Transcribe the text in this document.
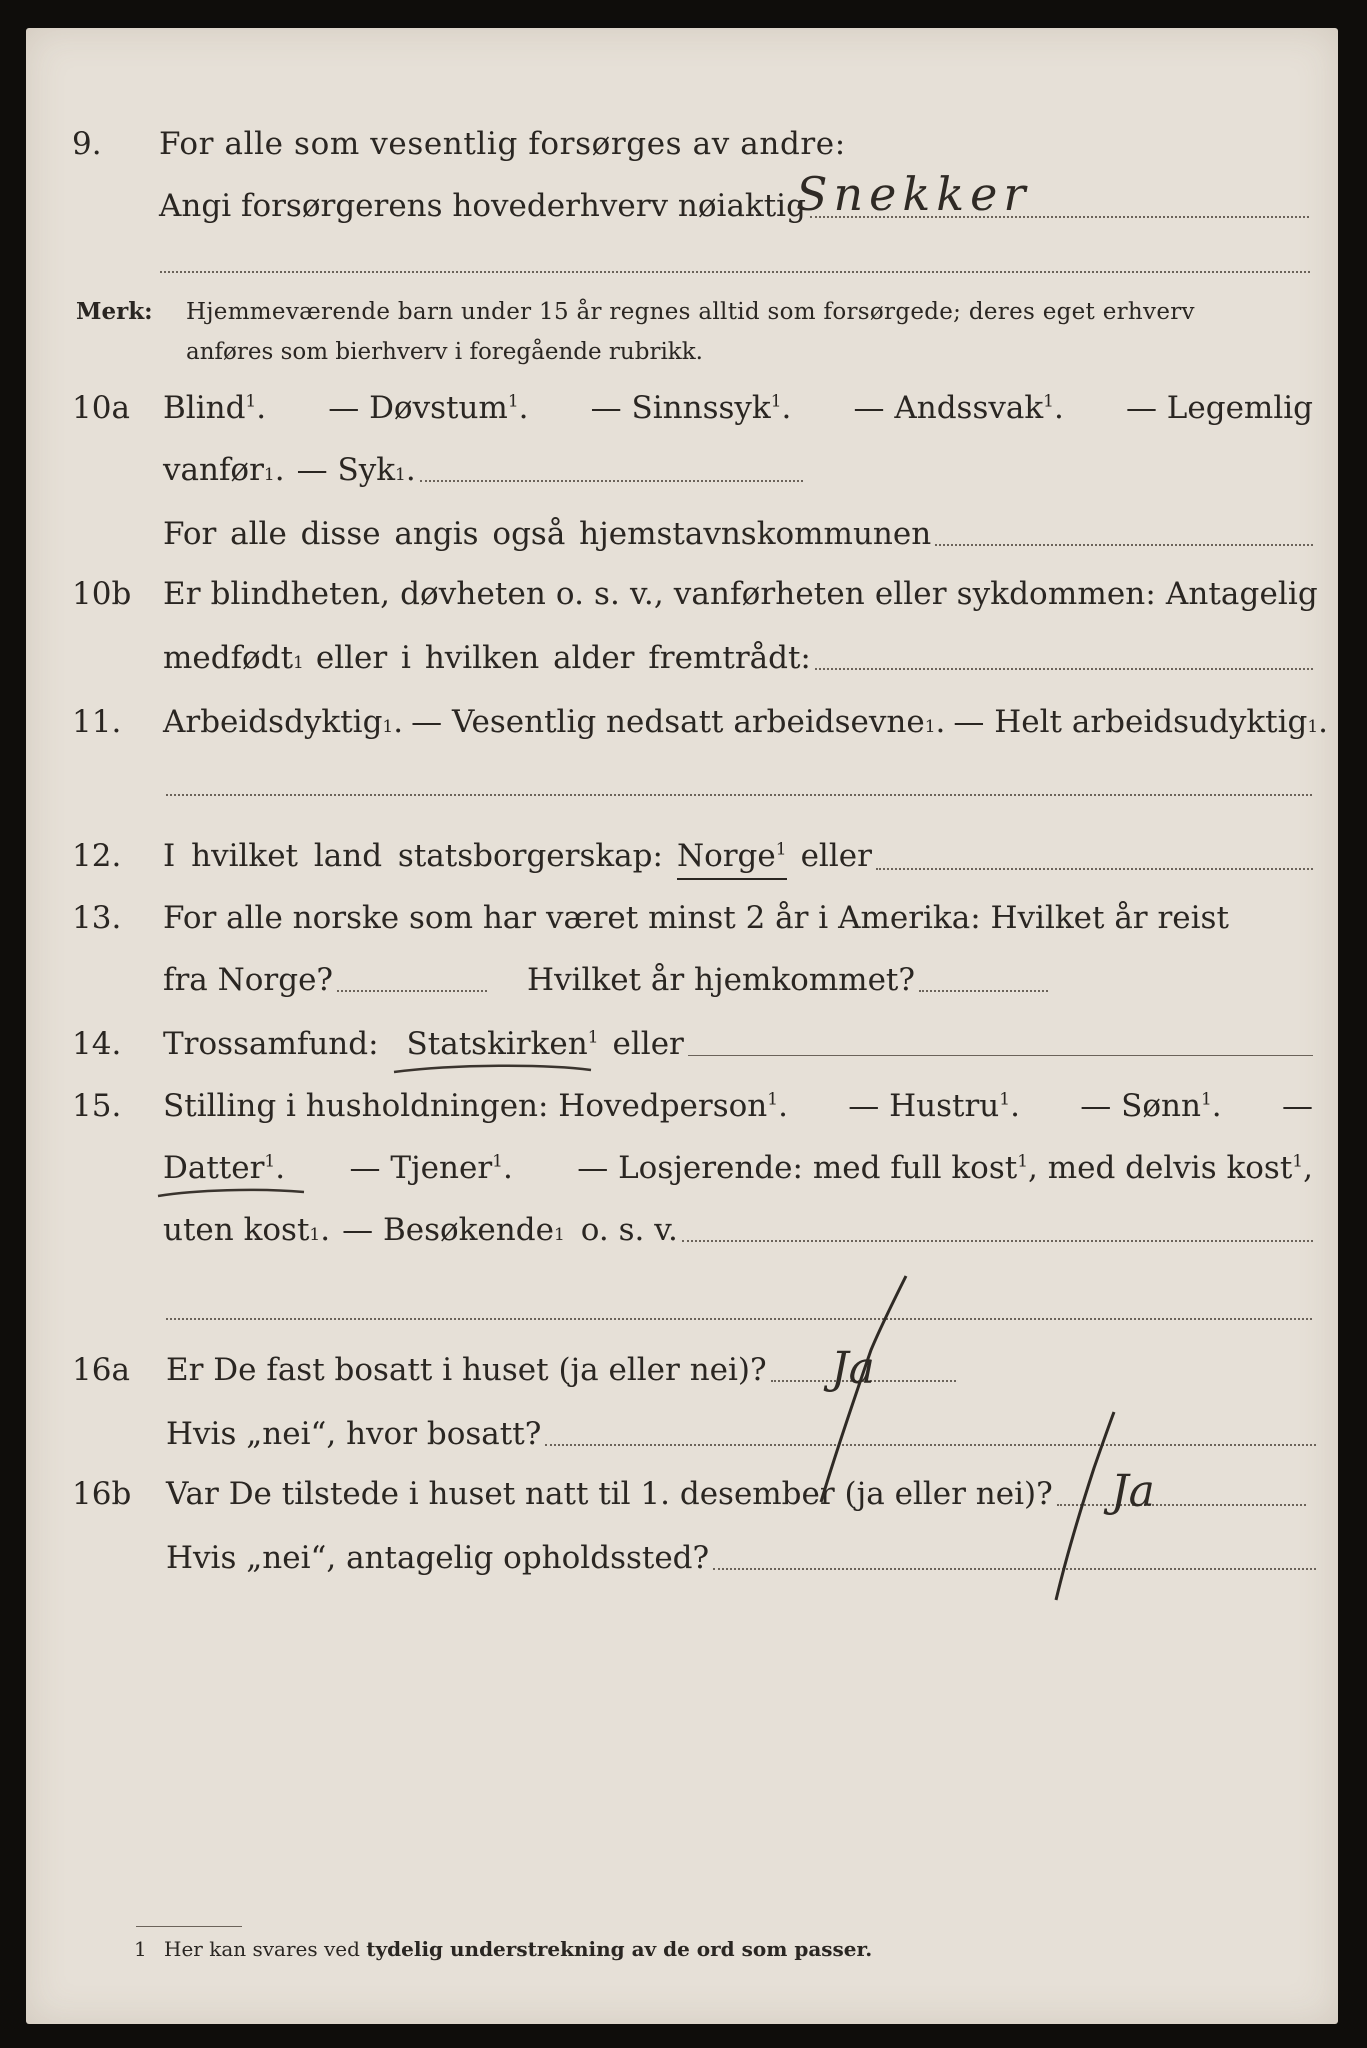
9. For alle som vesentlig forsørges av andre:
Angi forsørgerens hovederhverv nøiaktig
Merk: Hjemmeværende barn under 15 år regnes alltid som forsørgede; deres eget erhverv
anføres som bierhverv i foregående rubrikk.
10a Blind$^1$. — Døvstum$^1$. — Sinnssyk$^1$. — Andssvak$^1$. — Legemlig
vanfør 1 . — Syk 1 .
For alle disse angis også hjemstavnskommunen
10b Er blindheten, døvheten o. s. v., vanførheten eller sykdommen: Antagelig
medfødt 1 eller i hvilken alder fremtrådt:
11. Arbeidsdyktig 1 . — Vesentlig nedsatt arbeidsevne 1 . — Helt arbeidsudyktig 1 .
12. I hvilket land statsborgerskap: Norge$^1$ eller
13. For alle norske som har været minst 2 år i Amerika: Hvilket år reist
fra Norge?	Hvilket år hjemkommet?
14. Trossamfund: Statskirken$^1$ eller
15. Stilling i husholdningen: Hovedperson$^1$. — Hustru$^1$. — Sønn$^1$. —
Datter$^1$. — Tjener$^1$. — Losjerende: med full kost$^1$, med delvis kost$^1$,
uten kost 1 . — Besøkende 1 o. s. v.
16a Er De fast bosatt i huset (ja eller nei)?
Hvis „nei“, hvor bosatt?
16b Var De tilstede i huset natt til 1. desember (ja eller nei)?
Hvis „nei“, antagelig opholdssted?
1 Her kan svares ved tydelig understrekning av de ord som passer.
Snekker
Ja
Ja
